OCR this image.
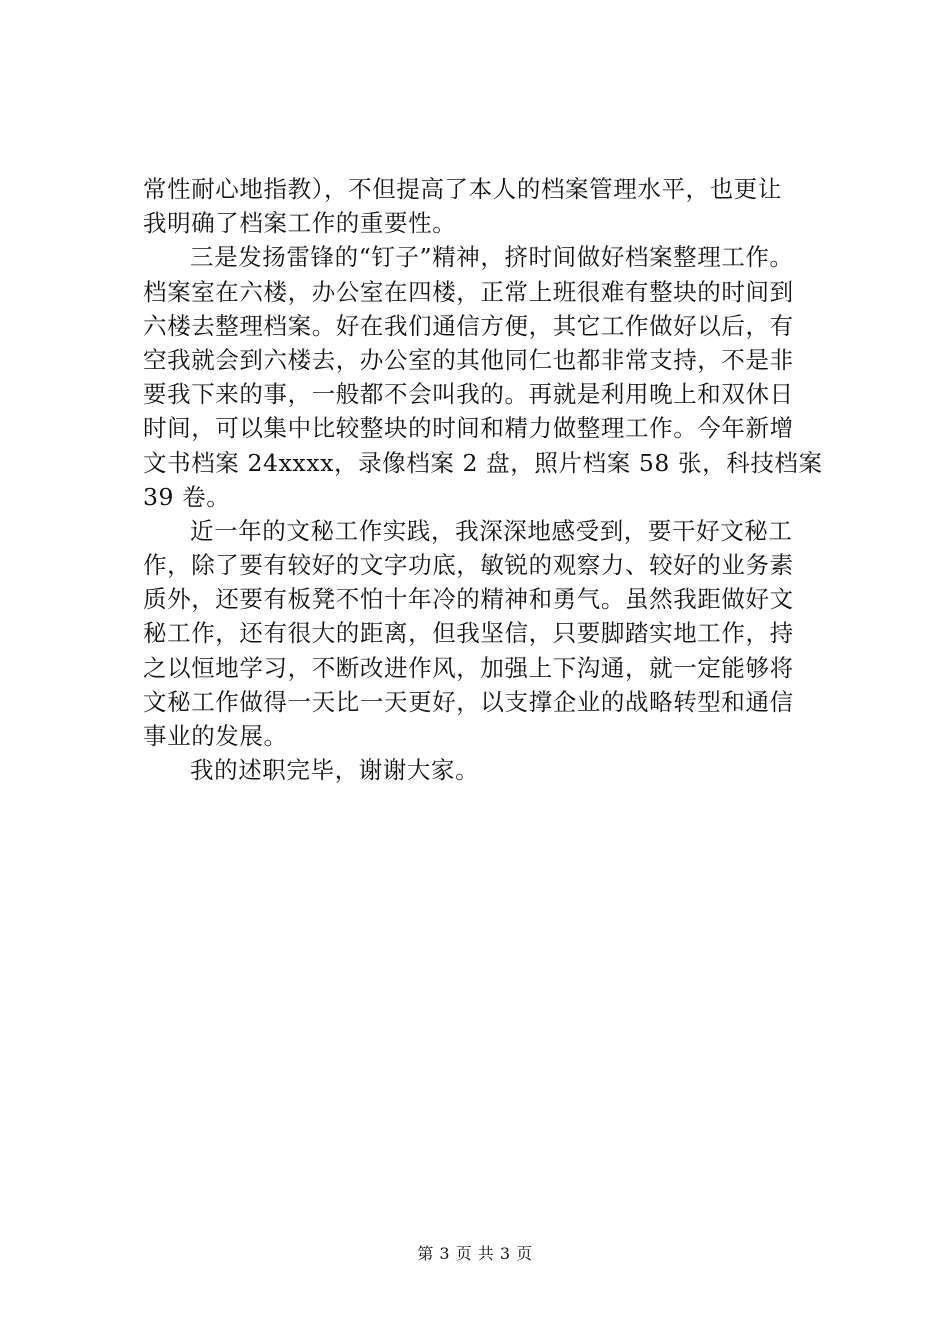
常性耐心地指教），不但提高了本人的档案管理水平，也更让
我明确了档案工作的重要性。
三是发扬雷锋的“钉子”精神，挤时间做好档案整理工作。
档案室在六楼，办公室在四楼，正常上班很难有整块的时间到
六楼去整理档案。好在我们通信方便，其它工作做好以后，有
空我就会到六楼去，办公室的其他同仁也都非常支持，不是非
要我下来的事，一般都不会叫我的。再就是利用晚上和双休日
时间，可以集中比较整块的时间和精力做整理工作。今年新增
文书档案 24xxxx，录像档案 2 盘，照片档案 58 张，科技档案
39 卷。
近一年的文秘工作实践，我深深地感受到，要干好文秘工
作，除了要有较好的文字功底，敏锐的观察力、较好的业务素
质外，还要有板凳不怕十年冷的精神和勇气。虽然我距做好文
秘工作，还有很大的距离，但我坚信，只要脚踏实地工作，持
之以恒地学习，不断改进作风，加强上下沟通，就一定能够将
文秘工作做得一天比一天更好，以支撑企业的战略转型和通信
事业的发展。
我的述职完毕，谢谢大家。
第 3 页 共 3 页
